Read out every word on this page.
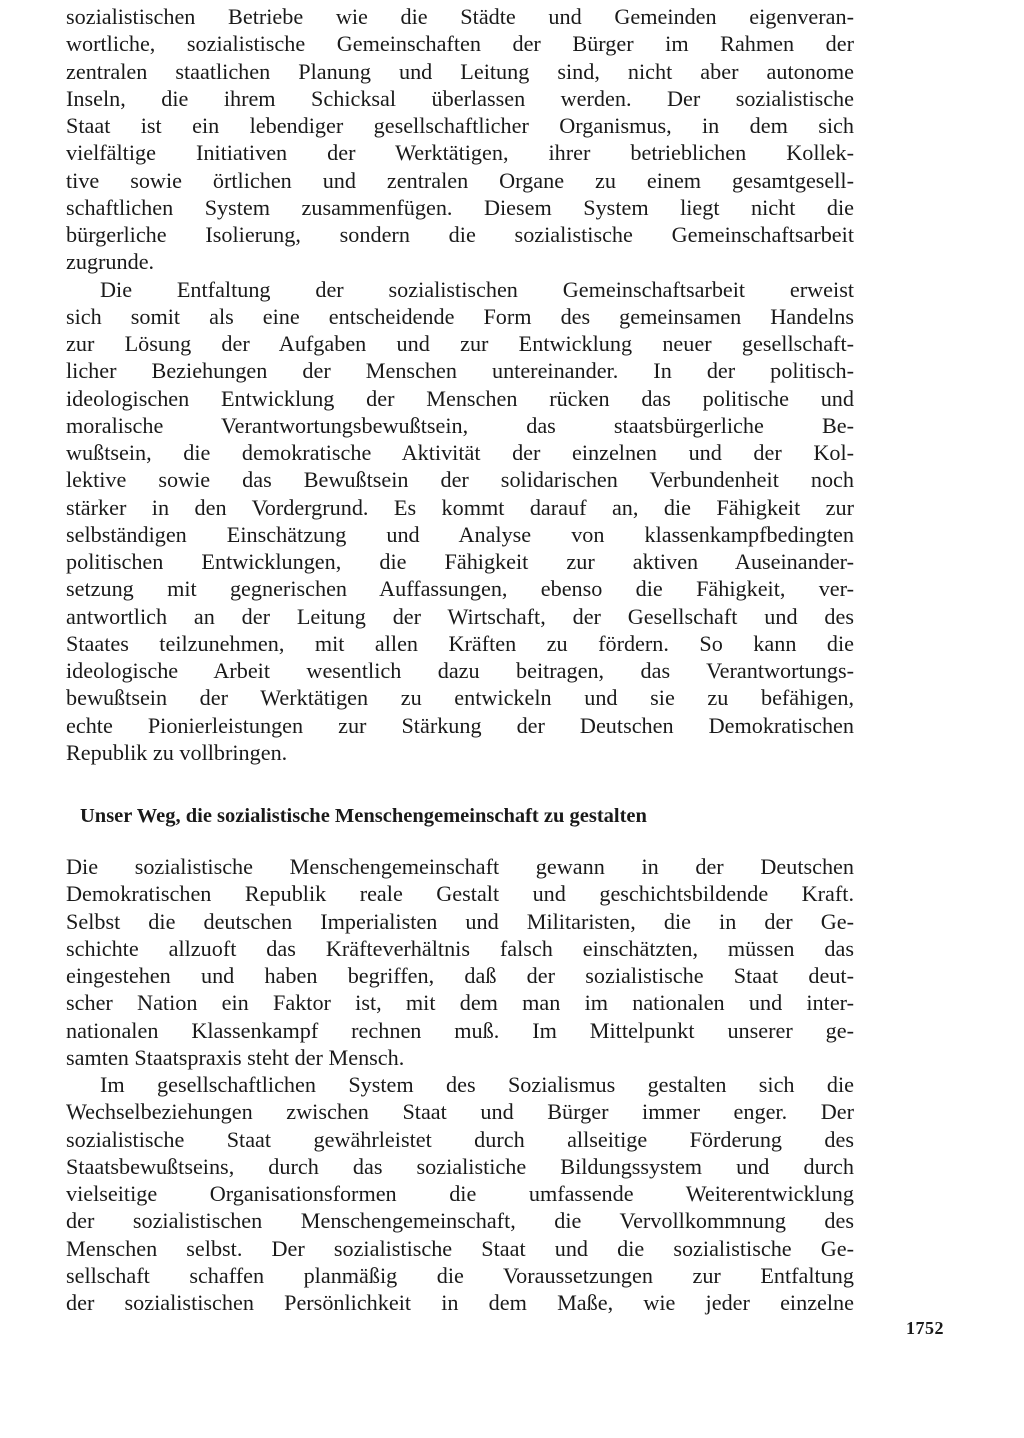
sozialistischen Betriebe wie die Städte und Gemeinden eigenveran-
wortliche, sozialistische Gemeinschaften der Bürger im Rahmen der
zentralen staatlichen Planung und Leitung sind, nicht aber autonome
Inseln, die ihrem Schicksal überlassen werden. Der sozialistische
Staat ist ein lebendiger gesellschaftlicher Organismus, in dem sich
vielfältige Initiativen der Werktätigen, ihrer betrieblichen Kollek-
tive sowie örtlichen und zentralen Organe zu einem gesamtgesell-
schaftlichen System zusammenfügen. Diesem System liegt nicht die
bürgerliche Isolierung, sondern die sozialistische Gemeinschaftsarbeit
zugrunde.
Die Entfaltung der sozialistischen Gemeinschaftsarbeit erweist
sich somit als eine entscheidende Form des gemeinsamen Handelns
zur Lösung der Aufgaben und zur Entwicklung neuer gesellschaft-
licher Beziehungen der Menschen untereinander. In der politisch-
ideologischen Entwicklung der Menschen rücken das politische und
moralische Verantwortungsbewußtsein, das staatsbürgerliche Be-
wußtsein, die demokratische Aktivität der einzelnen und der Kol-
lektive sowie das Bewußtsein der solidarischen Verbundenheit noch
stärker in den Vordergrund. Es kommt darauf an, die Fähigkeit zur
selbständigen Einschätzung und Analyse von klassenkampfbedingten
politischen Entwicklungen, die Fähigkeit zur aktiven Auseinander-
setzung mit gegnerischen Auffassungen, ebenso die Fähigkeit, ver-
antwortlich an der Leitung der Wirtschaft, der Gesellschaft und des
Staates teilzunehmen, mit allen Kräften zu fördern. So kann die
ideologische Arbeit wesentlich dazu beitragen, das Verantwortungs-
bewußtsein der Werktätigen zu entwickeln und sie zu befähigen,
echte Pionierleistungen zur Stärkung der Deutschen Demokratischen
Republik zu vollbringen.
Unser Weg, die sozialistische Menschengemeinschaft zu gestalten
Die sozialistische Menschengemeinschaft gewann in der Deutschen
Demokratischen Republik reale Gestalt und geschichtsbildende Kraft.
Selbst die deutschen Imperialisten und Militaristen, die in der Ge-
schichte allzuoft das Kräfteverhältnis falsch einschätzten, müssen das
eingestehen und haben begriffen, daß der sozialistische Staat deut-
scher Nation ein Faktor ist, mit dem man im nationalen und inter-
nationalen Klassenkampf rechnen muß. Im Mittelpunkt unserer ge-
samten Staatspraxis steht der Mensch.
Im gesellschaftlichen System des Sozialismus gestalten sich die
Wechselbeziehungen zwischen Staat und Bürger immer enger. Der
sozialistische Staat gewährleistet durch allseitige Förderung des
Staatsbewußtseins, durch das sozialistiche Bildungssystem und durch
vielseitige Organisationsformen die umfassende Weiterentwicklung
der sozialistischen Menschengemeinschaft, die Vervollkommnung des
Menschen selbst. Der sozialistische Staat und die sozialistische Ge-
sellschaft schaffen planmäßig die Voraussetzungen zur Entfaltung
der sozialistischen Persönlichkeit in dem Maße, wie jeder einzelne
1752
